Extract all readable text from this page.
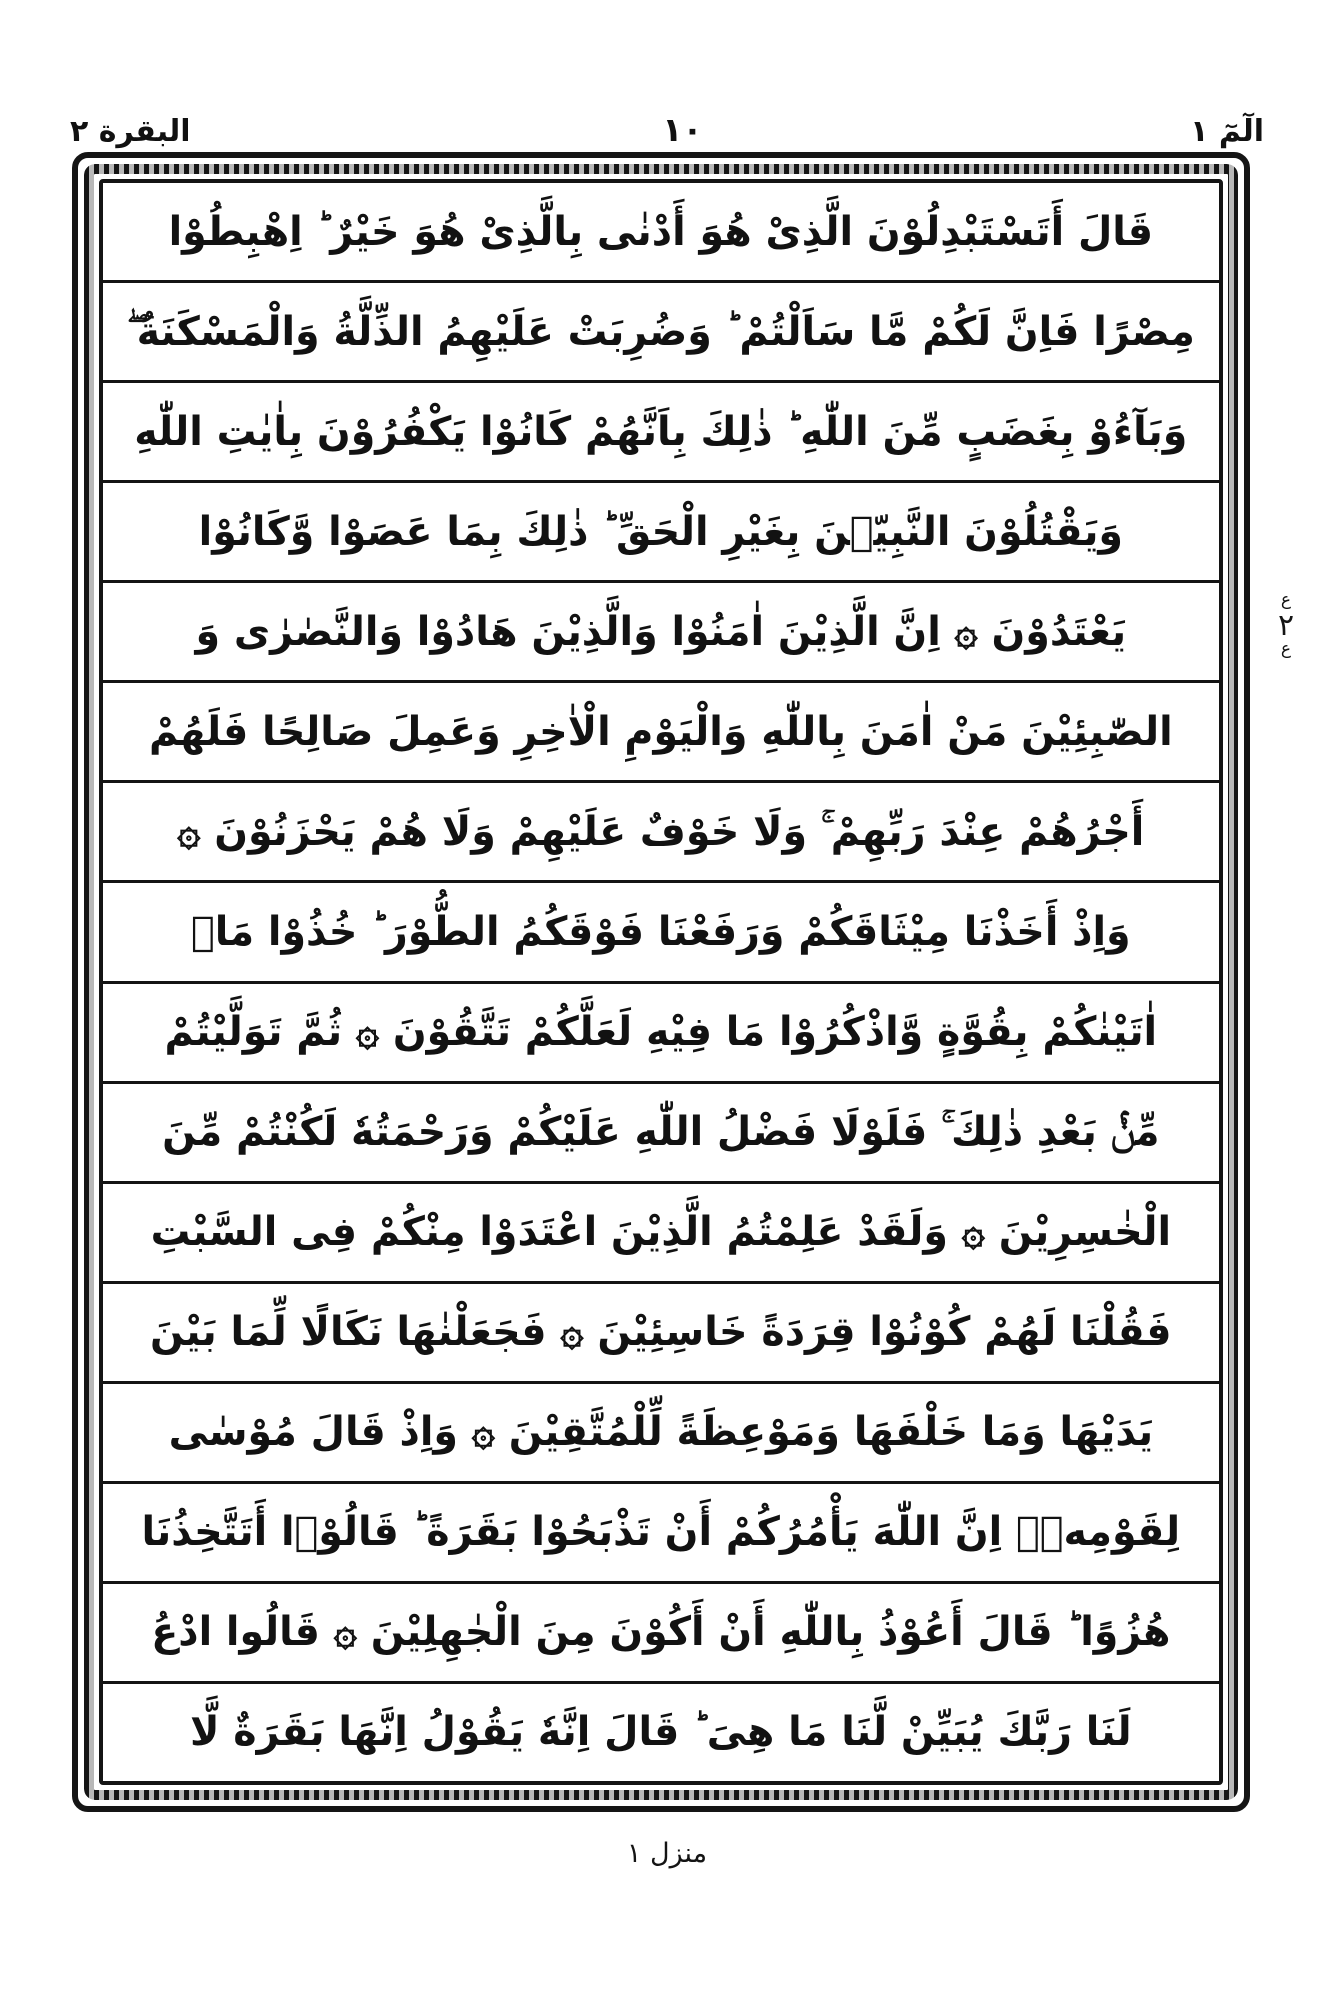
الٓمٓ ١
١٠
البقرة ٢
قَالَ أَتَسْتَبْدِلُوْنَ الَّذِىْ هُوَ أَدْنٰى بِالَّذِىْ هُوَ خَيْرٌ ؕ اِهْبِطُوْا
مِصْرًا فَاِنَّ لَكُمْ مَّا سَاَلْتُمْ ؕ وَضُرِبَتْ عَلَيْهِمُ الذِّلَّةُ وَالْمَسْكَنَةُ ۖ
وَبَآءُوْ بِغَضَبٍ مِّنَ اللّٰهِ ؕ ذٰلِكَ بِاَنَّهُمْ كَانُوْا يَكْفُرُوْنَ بِاٰيٰتِ اللّٰهِ
وَيَقْتُلُوْنَ النَّبِيّٖنَ بِغَيْرِ الْحَقِّ ؕ ذٰلِكَ بِمَا عَصَوْا وَّكَانُوْا
يَعْتَدُوْنَ ۞ اِنَّ الَّذِيْنَ اٰمَنُوْا وَالَّذِيْنَ هَادُوْا وَالنَّصٰرٰى وَ
الصّٰبِئِيْنَ مَنْ اٰمَنَ بِاللّٰهِ وَالْيَوْمِ الْاٰخِرِ وَعَمِلَ صَالِحًا فَلَهُمْ
أَجْرُهُمْ عِنْدَ رَبِّهِمْ ۚ وَلَا خَوْفٌ عَلَيْهِمْ وَلَا هُمْ يَحْزَنُوْنَ ۞
وَاِذْ أَخَذْنَا مِيْثَاقَكُمْ وَرَفَعْنَا فَوْقَكُمُ الطُّوْرَ ؕ خُذُوْا مَاۤ
اٰتَيْنٰكُمْ بِقُوَّةٍ وَّاذْكُرُوْا مَا فِيْهِ لَعَلَّكُمْ تَتَّقُوْنَ ۞ ثُمَّ تَوَلَّيْتُمْ
مِّنْۢ بَعْدِ ذٰلِكَ ۚ فَلَوْلَا فَضْلُ اللّٰهِ عَلَيْكُمْ وَرَحْمَتُهٗ لَكُنْتُمْ مِّنَ
الْخٰسِرِيْنَ ۞ وَلَقَدْ عَلِمْتُمُ الَّذِيْنَ اعْتَدَوْا مِنْكُمْ فِى السَّبْتِ
فَقُلْنَا لَهُمْ كُوْنُوْا قِرَدَةً خَاسِئِيْنَ ۞ فَجَعَلْنٰهَا نَكَالًا لِّمَا بَيْنَ
يَدَيْهَا وَمَا خَلْفَهَا وَمَوْعِظَةً لِّلْمُتَّقِيْنَ ۞ وَاِذْ قَالَ مُوْسٰى
لِقَوْمِهٖۤ اِنَّ اللّٰهَ يَأْمُرُكُمْ أَنْ تَذْبَحُوْا بَقَرَةً ؕ قَالُوْۤا أَتَتَّخِذُنَا
هُزُوًا ؕ قَالَ أَعُوْذُ بِاللّٰهِ أَنْ أَكُوْنَ مِنَ الْجٰهِلِيْنَ ۞ قَالُوا ادْعُ
لَنَا رَبَّكَ يُبَيِّنْ لَّنَا مَا هِىَ ؕ قَالَ اِنَّهٗ يَقُوْلُ اِنَّهَا بَقَرَةٌ لَّا
ع
٢
ع
منزل ١
